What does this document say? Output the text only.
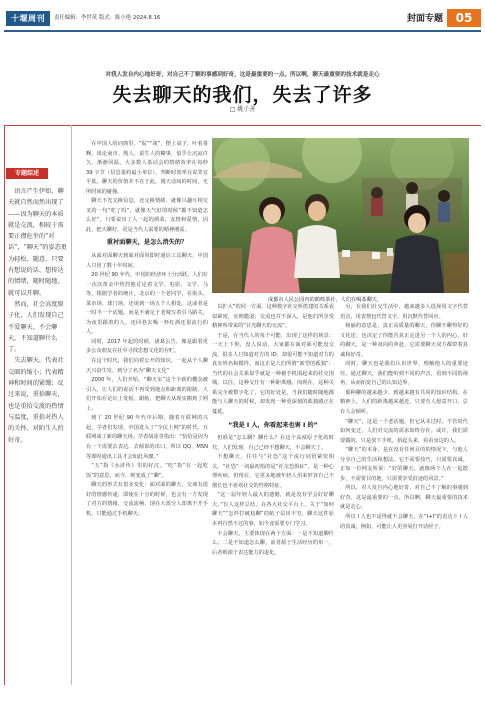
十堰周刊	责任编辑：李世英 版式：陈小艳 2024.8.16	封面专题	05
对我人发自内心地好奇，对自己不了解的事感到好奇，这是最重要的一点。所以啊，聊天最重要的技术就是走心
失去聊天的我们，失去了许多
□ 姚子善
专题综述

语言产生伊始，聊天就自然而然出现了——因为聊天的本质就是交流，相较于需要正襟危坐的“对话”，“聊天”的姿态更为轻松、随意。只要有想说的话、想传达的情绪，随时随地，就可以开聊。

然而，社会高度原子化，人们发现自己不爱聊天、不会聊天、不知道聊什么了。

失去聊天，代表社交圈的缩小；代表精神和时间的紧绷；反过来说，重拾聊天，也是重拾交流的热情与温度，重拾对热人的关怀、对陌生人的好奇。

成都市人民公园内的鹤鸣茶社，人们在喝茶聊天。

在中国人的词典里，“侃”“谈”，摆上桌子，叶着茶啊，谈论南市、熟人，说生人的糊事，似乎让沉寂许久、渐渐回温。大多数人茶话会的情绪效率在每秒 39 字节（信息量约最小单位），判断时效率在说笑宜平低。聊天的价值并不在于此，漫天话间的时间，无所时间的碰撞。

聊天不光交换信息，还交换情绪、就像兴趣互相交叉的一句“吃了吗”，就像天气好的时候“都不知道怎么好”，只要说出了人一起的酒菜，友情和爱情，因此，把天聊好，更是当代人需要的精神刚需。

重衬面聊天，是怎么消失的？

从面对面聊天到面对面用即时通信工具聊天，中国人只用了数十年时间。

20 世纪 90 年代，中国的经济环十分活跃。人们在一次次黄金中热烈地讨论着文学、电影、文学、马等。根据学者的统计，北京的一个老同学，在街头、菜市场、球门场，还谈到一场五个人相处。这或者是一时半一个话题。而是不满足于老城写着引马路关，为夜里跟着的人，还回巷去喝一杯红酒还很流行的人。

同时，2017 年起的时候，诸葛公告，像是跟着更多公众朋友在社中寻找思想文化的存贮。

在这个时代，我们向着公开的知识，一起从个人聊天兴奋生发，到分了名为“聊天文化”

2000 年，人们开始，“聊天室”这个全新的概念被引入，让人们的说话不再受到地点和距离的限制。人们开始在论坛上发帖，跟帖，把聊天从现实搬到了网上。

到了 20 世纪 90 年代中后期，随着互联网的兴起，学者们发现，中国进入了“全民上网”的时代。互联网成了新的聊天场。学者胡泳等指出：“恰恰是因为有一个需要去表达、去倾诉的出口，所以 QQ、MSN 等即时通讯工具才会如此风靡。”

“五”指《水浒传》里的好汉，“吃”指“在一起吃饭”的意思。而今，则变成了“聊”。

聊天的形式有很多变化：面对面的聊天，交谈有很好的情感传递，即使在十分的时候，也会有一方发现了对方的情绪，交流流畅，现在大部分人却离不开手机，只能通过手机聊天。

以扩大”的同一方面，这种数字社交所搭建的关系看似紧密，实则脆弱；交流也并不深入，是他们所享受精神所带来的“目光聊天的交流”。

于是，在当代人的每个可能，出现了这样的场景：一天上下班，没人说话，大家都在面对面可能没交流，很多人只知道对方的 ID，却很可能不知道对方的真实姓名和模样。而这正是人们所谓“新型的孤独”：当代的社会关系似乎就是一种被手机围起来的社交围城。以往，这种交往有一种距离感，而现在，这种关系完全被数字化了，它的好处是，当我们随时随地都能与人聊天的时候，却发现一种更深刻的孤独感正在蔓延。

“我是 I 人，你看起来也害 I 的”

但谁是“怎么聊？聊什么？在这个高度原子化的时代，人们发现，自己已经不想聊天，不会聊天了。

不想聊天，往往与“社恐”这个流行词语紧密相关。“社恐”一词最初指的是“社交恐惧症”，是一种心理疾病。但现在，它更多地被年轻人用来形容自己不擅长也不喜欢社交的性格特征。

“这一届年轻人最大的遗憾，就是没有学会好好聊天。”有人这样总结。在各大社交平台上，关于“如何聊天”“怎样打破尬聊”的帖子层出不穷，聊天这件原本再自然不过的事，如今竟需要专门学习。

不会聊天，主要体现在两个方面：一是不知道聊什么；二是不知道怎么聊。前者源于生活经历的单一，后者则源于表达能力的退化。

另，在我们社交生活中，越来越多人选择用文字代替语音，用表情包代替文字，用沉默代替回应。

杨丽的意思是，真正高质量的聊天，你聊不聊得好的文化还，也决定了你能否真正走进另一个人的内心。好的聊天，是一种双向的奔赴，它需要聊天双方都带着真诚和好奇。

同时，聊天也是我们认识世界、理解他人的重要途径。通过聊天，我们能听到不同的声音，看到不同的视角，从而拓宽自己的认知边界。

那种聊的越来越少，到越来越有共同的知识结构。在精神上，人们的距离越来越近，只要有人愿意开口，总有人会倾听。

“聊天”，这是一个老话题，但它从未过时。不管时代如何变迁，人们对交流的需求始终存在。或许，我们需要做的，只是放下手机，抬起头来，看看身边的人。

“聊天”的本身，是在没有任何目的的情况下，与他人分享自己的生活和想法。它不需要技巧，只需要真诚。正如一位网友所说：“好的聊天，就像两个人在一起散步，不需要目的地，只需要享受沿途的风景。”

所以，对人发自内心地好奇，对自己不了解的事感到好奇，这是最重要的一点。所以啊，聊天最重要的技术就是走心。

所以 I 人也不是得就不会聊天，在“I+I”的表达下 I 人的真诚，例如，可能让人更容易打开话匣子。
